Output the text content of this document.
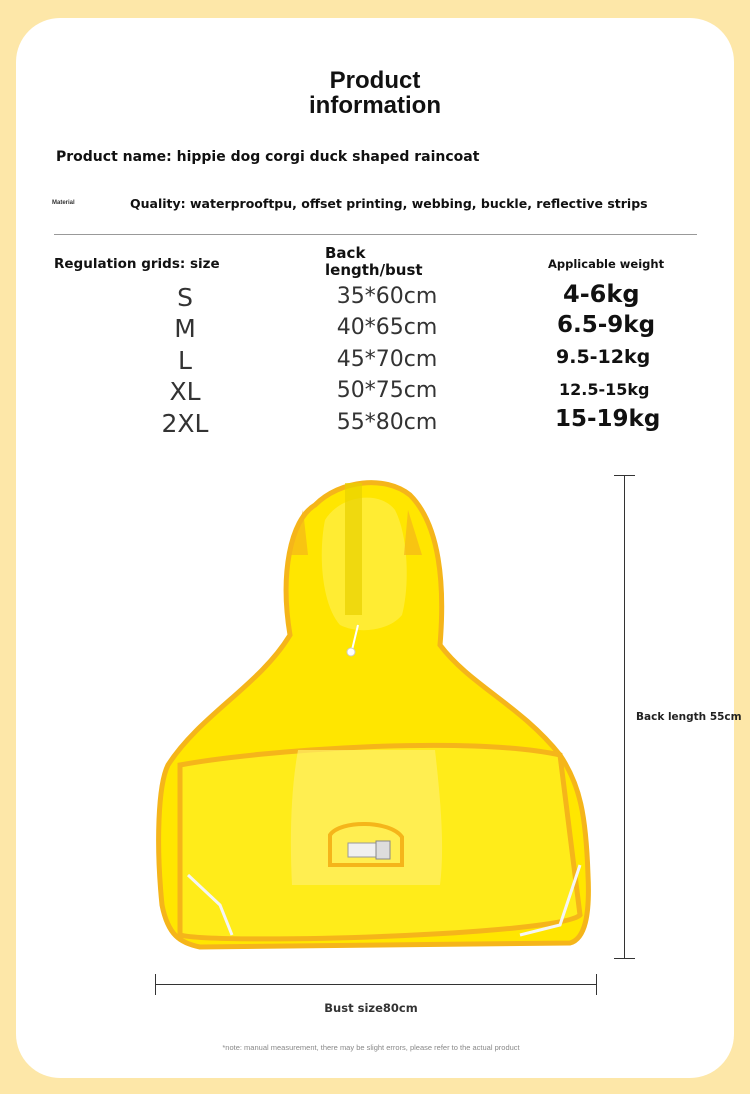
Product
information
Product name: hippie dog corgi duck shaped raincoat
Material	Quality: waterprooftpu, offset printing, webbing, buckle, reflective strips
Regulation grids: size
Back length/bust	Applicable weight
S	35*60cm	4-6kg
M	40*65cm	6.5-9kg
L	45*70cm	9.5-12kg
XL	50*75cm	12.5-15kg
2XL	55*80cm	15-19kg
Back length 55cm
Bust size80cm
*note: manual measurement, there may be slight errors, please refer to the actual product
